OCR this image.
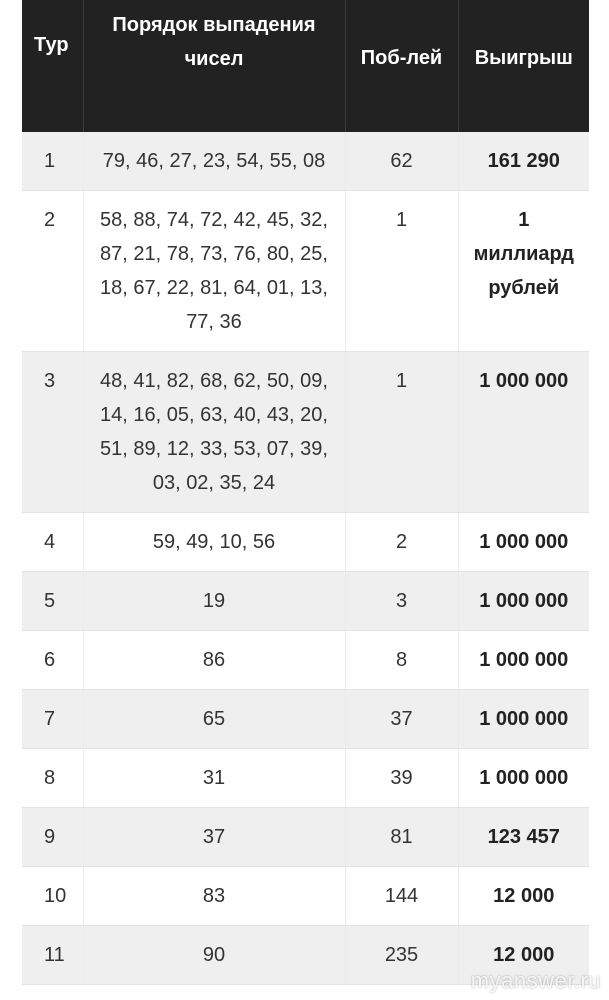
Тур	Порядок выпадения чисел	Поб-лей	Выигрыш
1	79, 46, 27, 23, 54, 55, 08	62	161 290
2	58, 88, 74, 72, 42, 45, 32, 87, 21, 78, 73, 76, 80, 25, 18, 67, 22, 81, 64, 01, 13, 77, 36	1	1 миллиард рублей
3	48, 41, 82, 68, 62, 50, 09, 14, 16, 05, 63, 40, 43, 20, 51, 89, 12, 33, 53, 07, 39, 03, 02, 35, 24	1	1 000 000
4	59, 49, 10, 56	2	1 000 000
5	19	3	1 000 000
6	86	8	1 000 000
7	65	37	1 000 000
8	31	39	1 000 000
9	37	81	123 457
10	83	144	12 000
11	90	235	12 000
myanswer.ru
